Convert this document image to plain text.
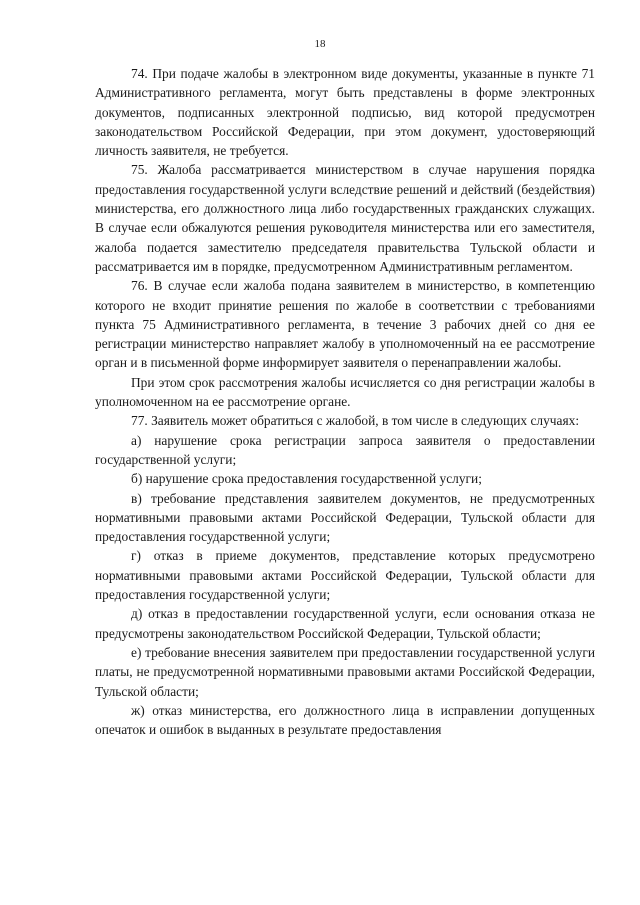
18

74. При подаче жалобы в электронном виде документы, указанные в пункте 71 Административного регламента, могут быть представлены в форме электронных документов, подписанных электронной подписью, вид которой предусмотрен законодательством Российской Федерации, при этом документ, удостоверяющий личность заявителя, не требуется.

75. Жалоба рассматривается министерством в случае нарушения порядка предоставления государственной услуги вследствие решений и действий (бездействия) министерства, его должностного лица либо государственных гражданских служащих. В случае если обжалуются решения руководителя министерства или его заместителя, жалоба подается заместителю председателя правительства Тульской области и рассматривается им в порядке, предусмотренном Административным регламентом.

76. В случае если жалоба подана заявителем в министерство, в компетенцию которого не входит принятие решения по жалобе в соответствии с требованиями пункта 75 Административного регламента, в течение 3 рабочих дней со дня ее регистрации министерство направляет жалобу в уполномоченный на ее рассмотрение орган и в письменной форме информирует заявителя о перенаправлении жалобы.

При этом срок рассмотрения жалобы исчисляется со дня регистрации жалобы в уполномоченном на ее рассмотрение органе.

77. Заявитель может обратиться с жалобой, в том числе в следующих случаях:

а) нарушение срока регистрации запроса заявителя о предоставлении государственной услуги;

б) нарушение срока предоставления государственной услуги;

в) требование представления заявителем документов, не предусмотренных нормативными правовыми актами Российской Федерации, Тульской области для предоставления государственной услуги;

г) отказ в приеме документов, представление которых предусмотрено нормативными правовыми актами Российской Федерации, Тульской области для предоставления государственной услуги;

д) отказ в предоставлении государственной услуги, если основания отказа не предусмотрены законодательством Российской Федерации, Тульской области;

е) требование внесения заявителем при предоставлении государственной услуги платы, не предусмотренной нормативными правовыми актами Российской Федерации, Тульской области;

ж) отказ министерства, его должностного лица в исправлении допущенных опечаток и ошибок в выданных в результате предоставления
